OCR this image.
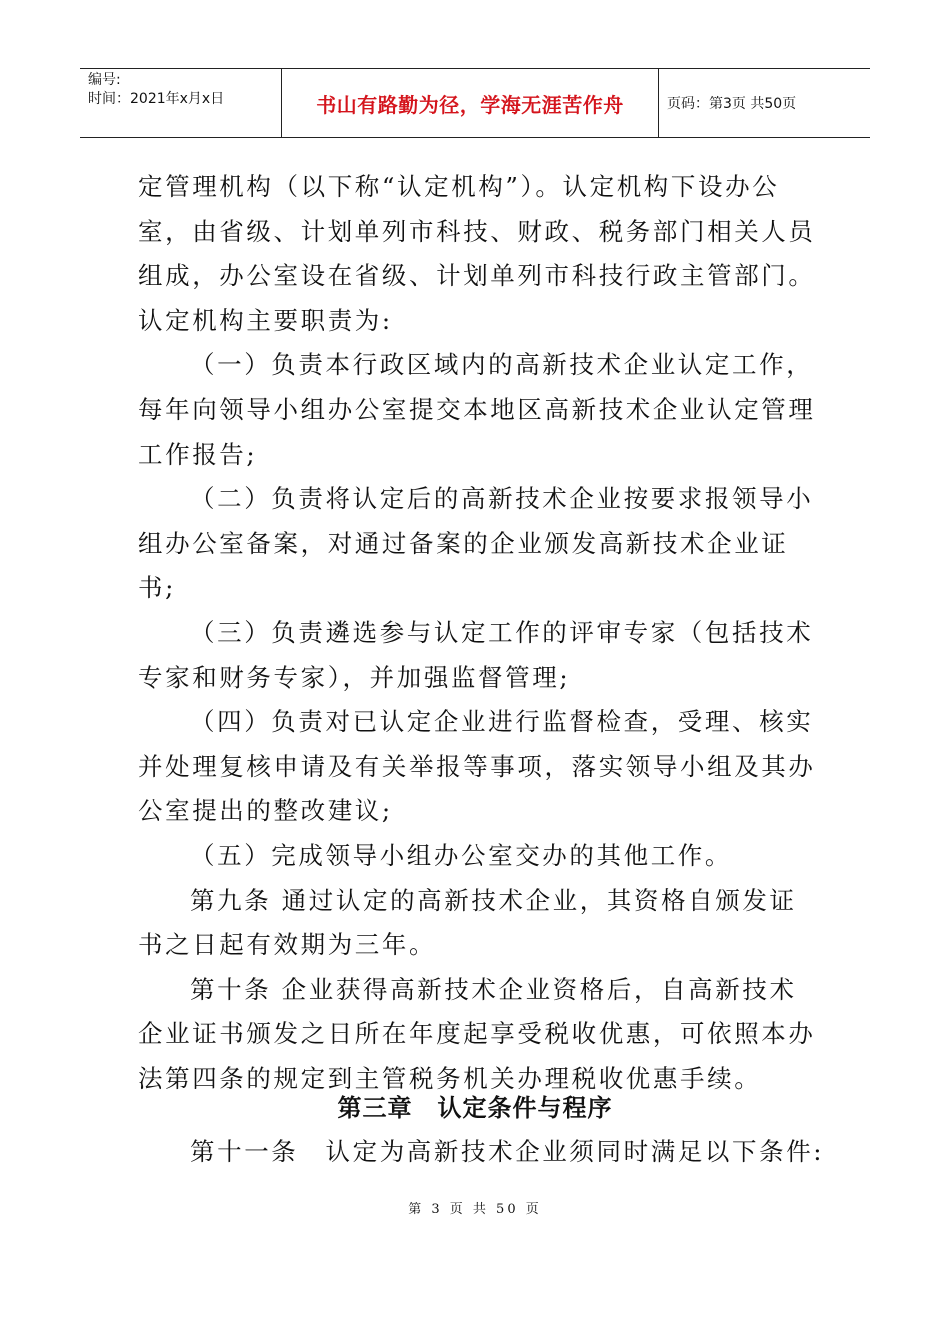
编号:
时间：2021年x月x日	书山有路勤为径，学海无涯苦作舟	页码：第3页 共50页

定管理机构（以下称“认定机构”）。认定机构下设办公室，由省级、计划单列市科技、财政、税务部门相关人员组成，办公室设在省级、计划单列市科技行政主管部门。认定机构主要职责为:

（一）负责本行政区域内的高新技术企业认定工作，每年向领导小组办公室提交本地区高新技术企业认定管理工作报告;

（二）负责将认定后的高新技术企业按要求报领导小组办公室备案，对通过备案的企业颁发高新技术企业证书;

（三）负责遴选参与认定工作的评审专家（包括技术专家和财务专家），并加强监督管理;

（四）负责对已认定企业进行监督检查，受理、核实并处理复核申请及有关举报等事项，落实领导小组及其办公室提出的整改建议;

（五）完成领导小组办公室交办的其他工作。

第九条 通过认定的高新技术企业，其资格自颁发证书之日起有效期为三年。

第十条 企业获得高新技术企业资格后，自高新技术企业证书颁发之日所在年度起享受税收优惠，可依照本办法第四条的规定到主管税务机关办理税收优惠手续。

第三章　认定条件与程序
第十一条　认定为高新技术企业须同时满足以下条件:
第 3 页 共 50 页
